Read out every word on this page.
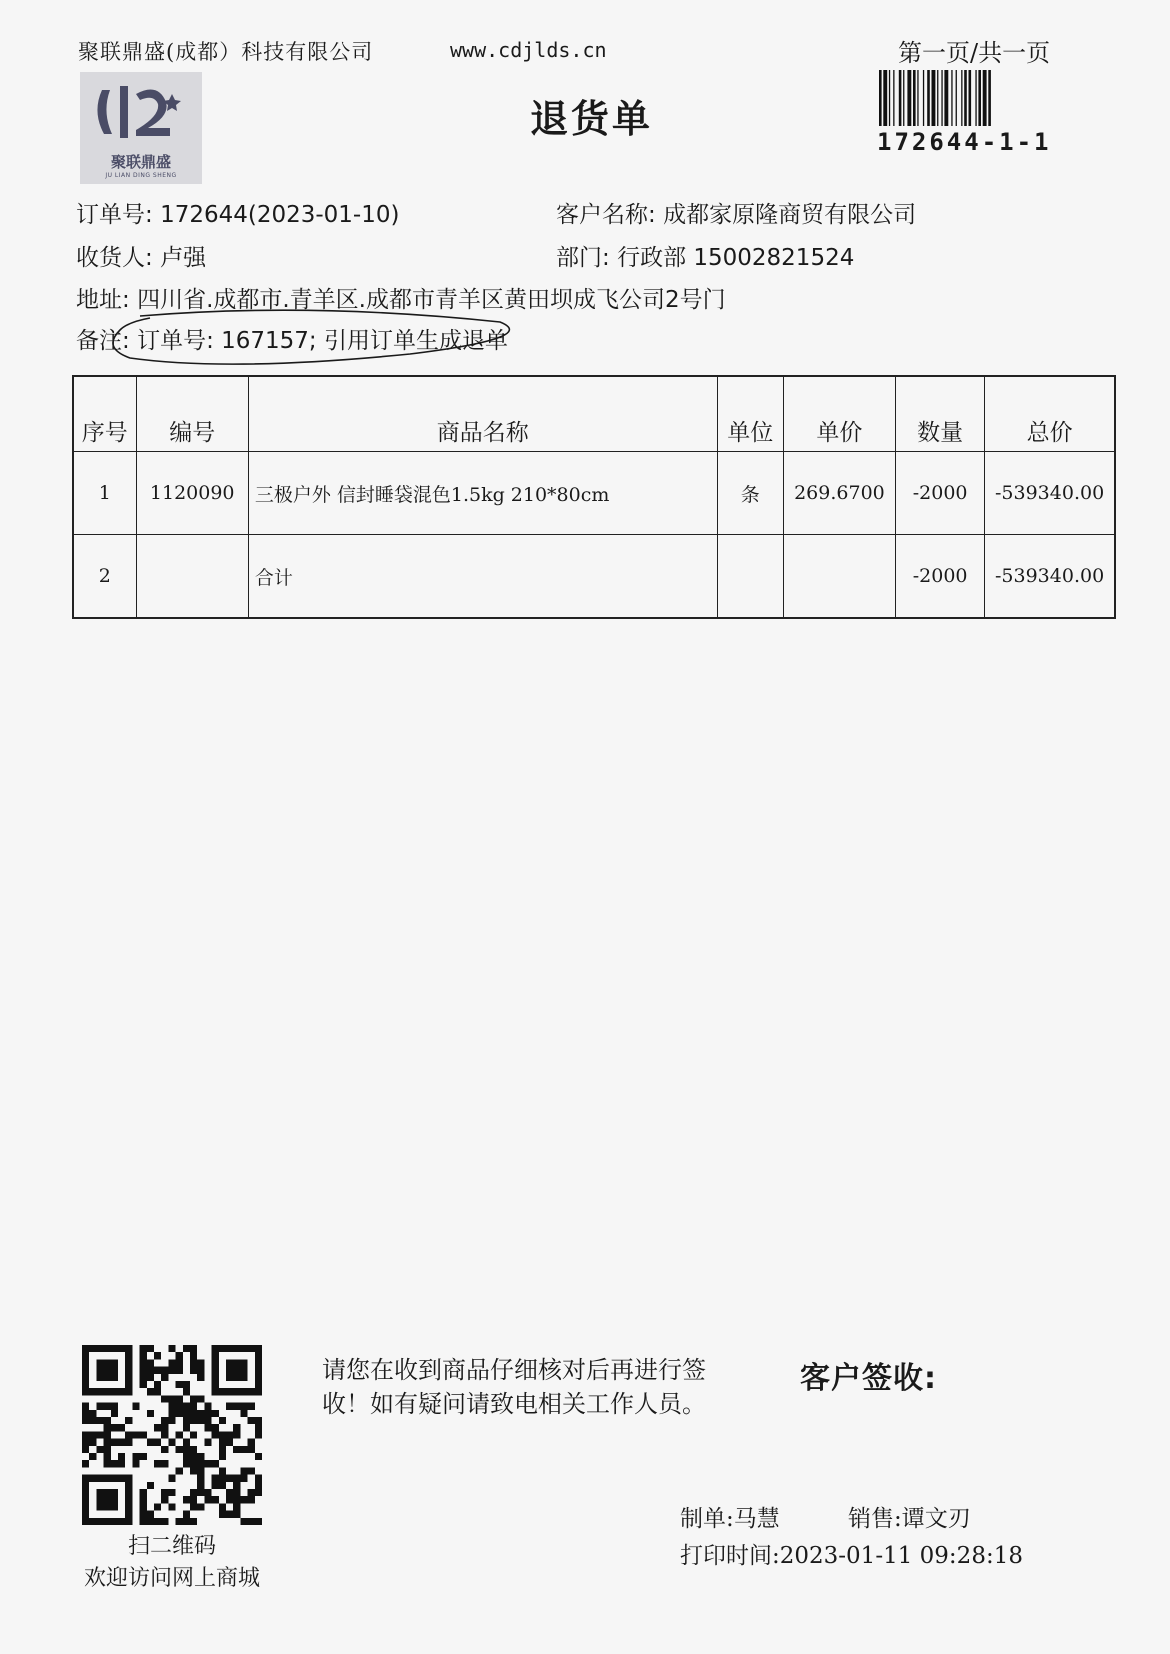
聚联鼎盛(成都）科技有限公司	www.cdjlds.cn	第一页/共一页
聚联鼎盛
JU LIAN DING SHENG
退货单
172644-1-1
订单号: 172644(2023-01-10)	客户名称: 成都家原隆商贸有限公司
收货人: 卢强	部门: 行政部 15002821524
地址: 四川省.成都市.青羊区.成都市青羊区黄田坝成飞公司2号门
备注: 订单号: 167157; 引用订单生成退单
序号	编号	商品名称	单位	单价	数量	总价
1	1120090	三极户外 信封睡袋混色1.5kg 210*80cm	条	269.6700	-2000	-539340.00
2		合计			-2000	-539340.00
扫二维码
欢迎访问网上商城
请您在收到商品仔细核对后再进行签收！如有疑问请致电相关工作人员。
客户签收:
制单:马慧	销售:谭文刃
打印时间:2023-01-11 09:28:18
